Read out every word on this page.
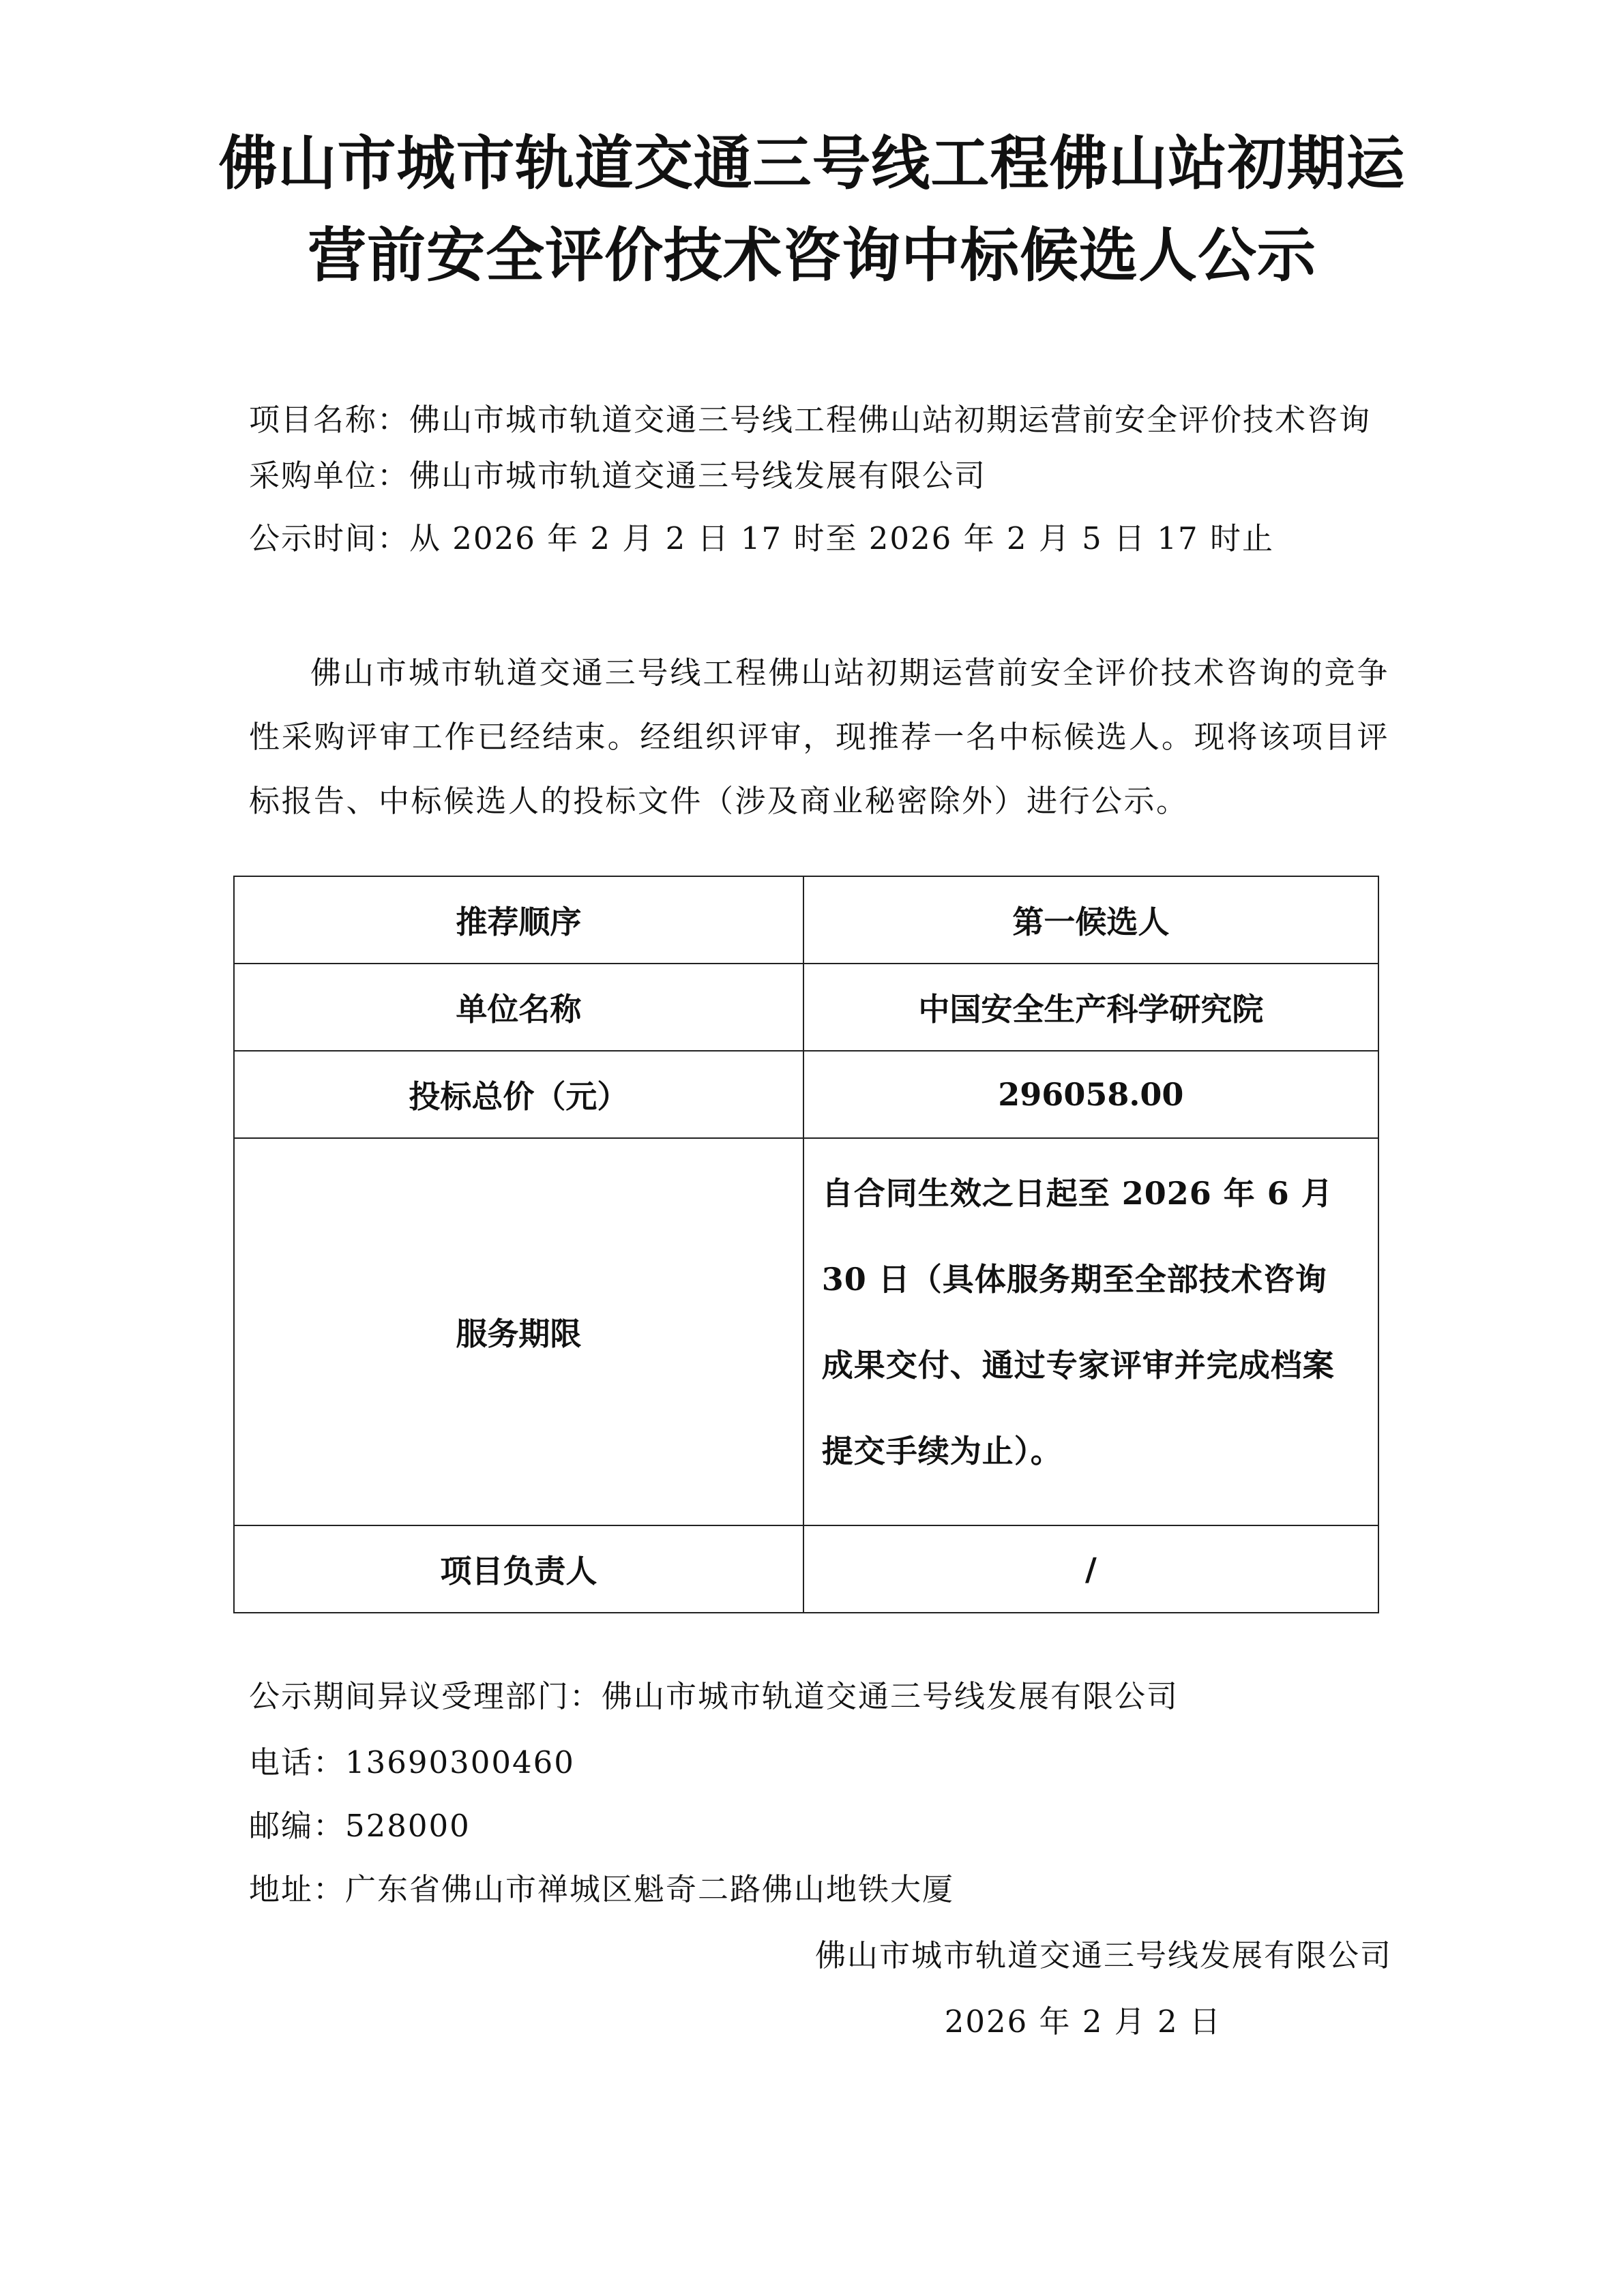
佛山市城市轨道交通三号线工程佛山站初期运
营前安全评价技术咨询中标候选人公示
项目名称：佛山市城市轨道交通三号线工程佛山站初期运营前安全评价技术咨询
采购单位：佛山市城市轨道交通三号线发展有限公司
公示时间：从 2026 年 2 月 2 日 17 时至 2026 年 2 月 5 日 17 时止
佛山市城市轨道交通三号线工程佛山站初期运营前安全评价技术咨询的竞争性采购评审工作已经结束。经组织评审，现推荐一名中标候选人。现将该项目评标报告、中标候选人的投标文件（涉及商业秘密除外）进行公示。
推荐顺序	第一候选人
单位名称	中国安全生产科学研究院
投标总价（元）	296058.00
服务期限	自合同生效之日起至 2026 年 6 月 30 日（具体服务期至全部技术咨询成果交付、通过专家评审并完成档案提交手续为止）。

项目负责人	/
公示期间异议受理部门：佛山市城市轨道交通三号线发展有限公司
电话：13690300460
邮编：528000
地址：广东省佛山市禅城区魁奇二路佛山地铁大厦
佛山市城市轨道交通三号线发展有限公司
2026 年 2 月 2 日
